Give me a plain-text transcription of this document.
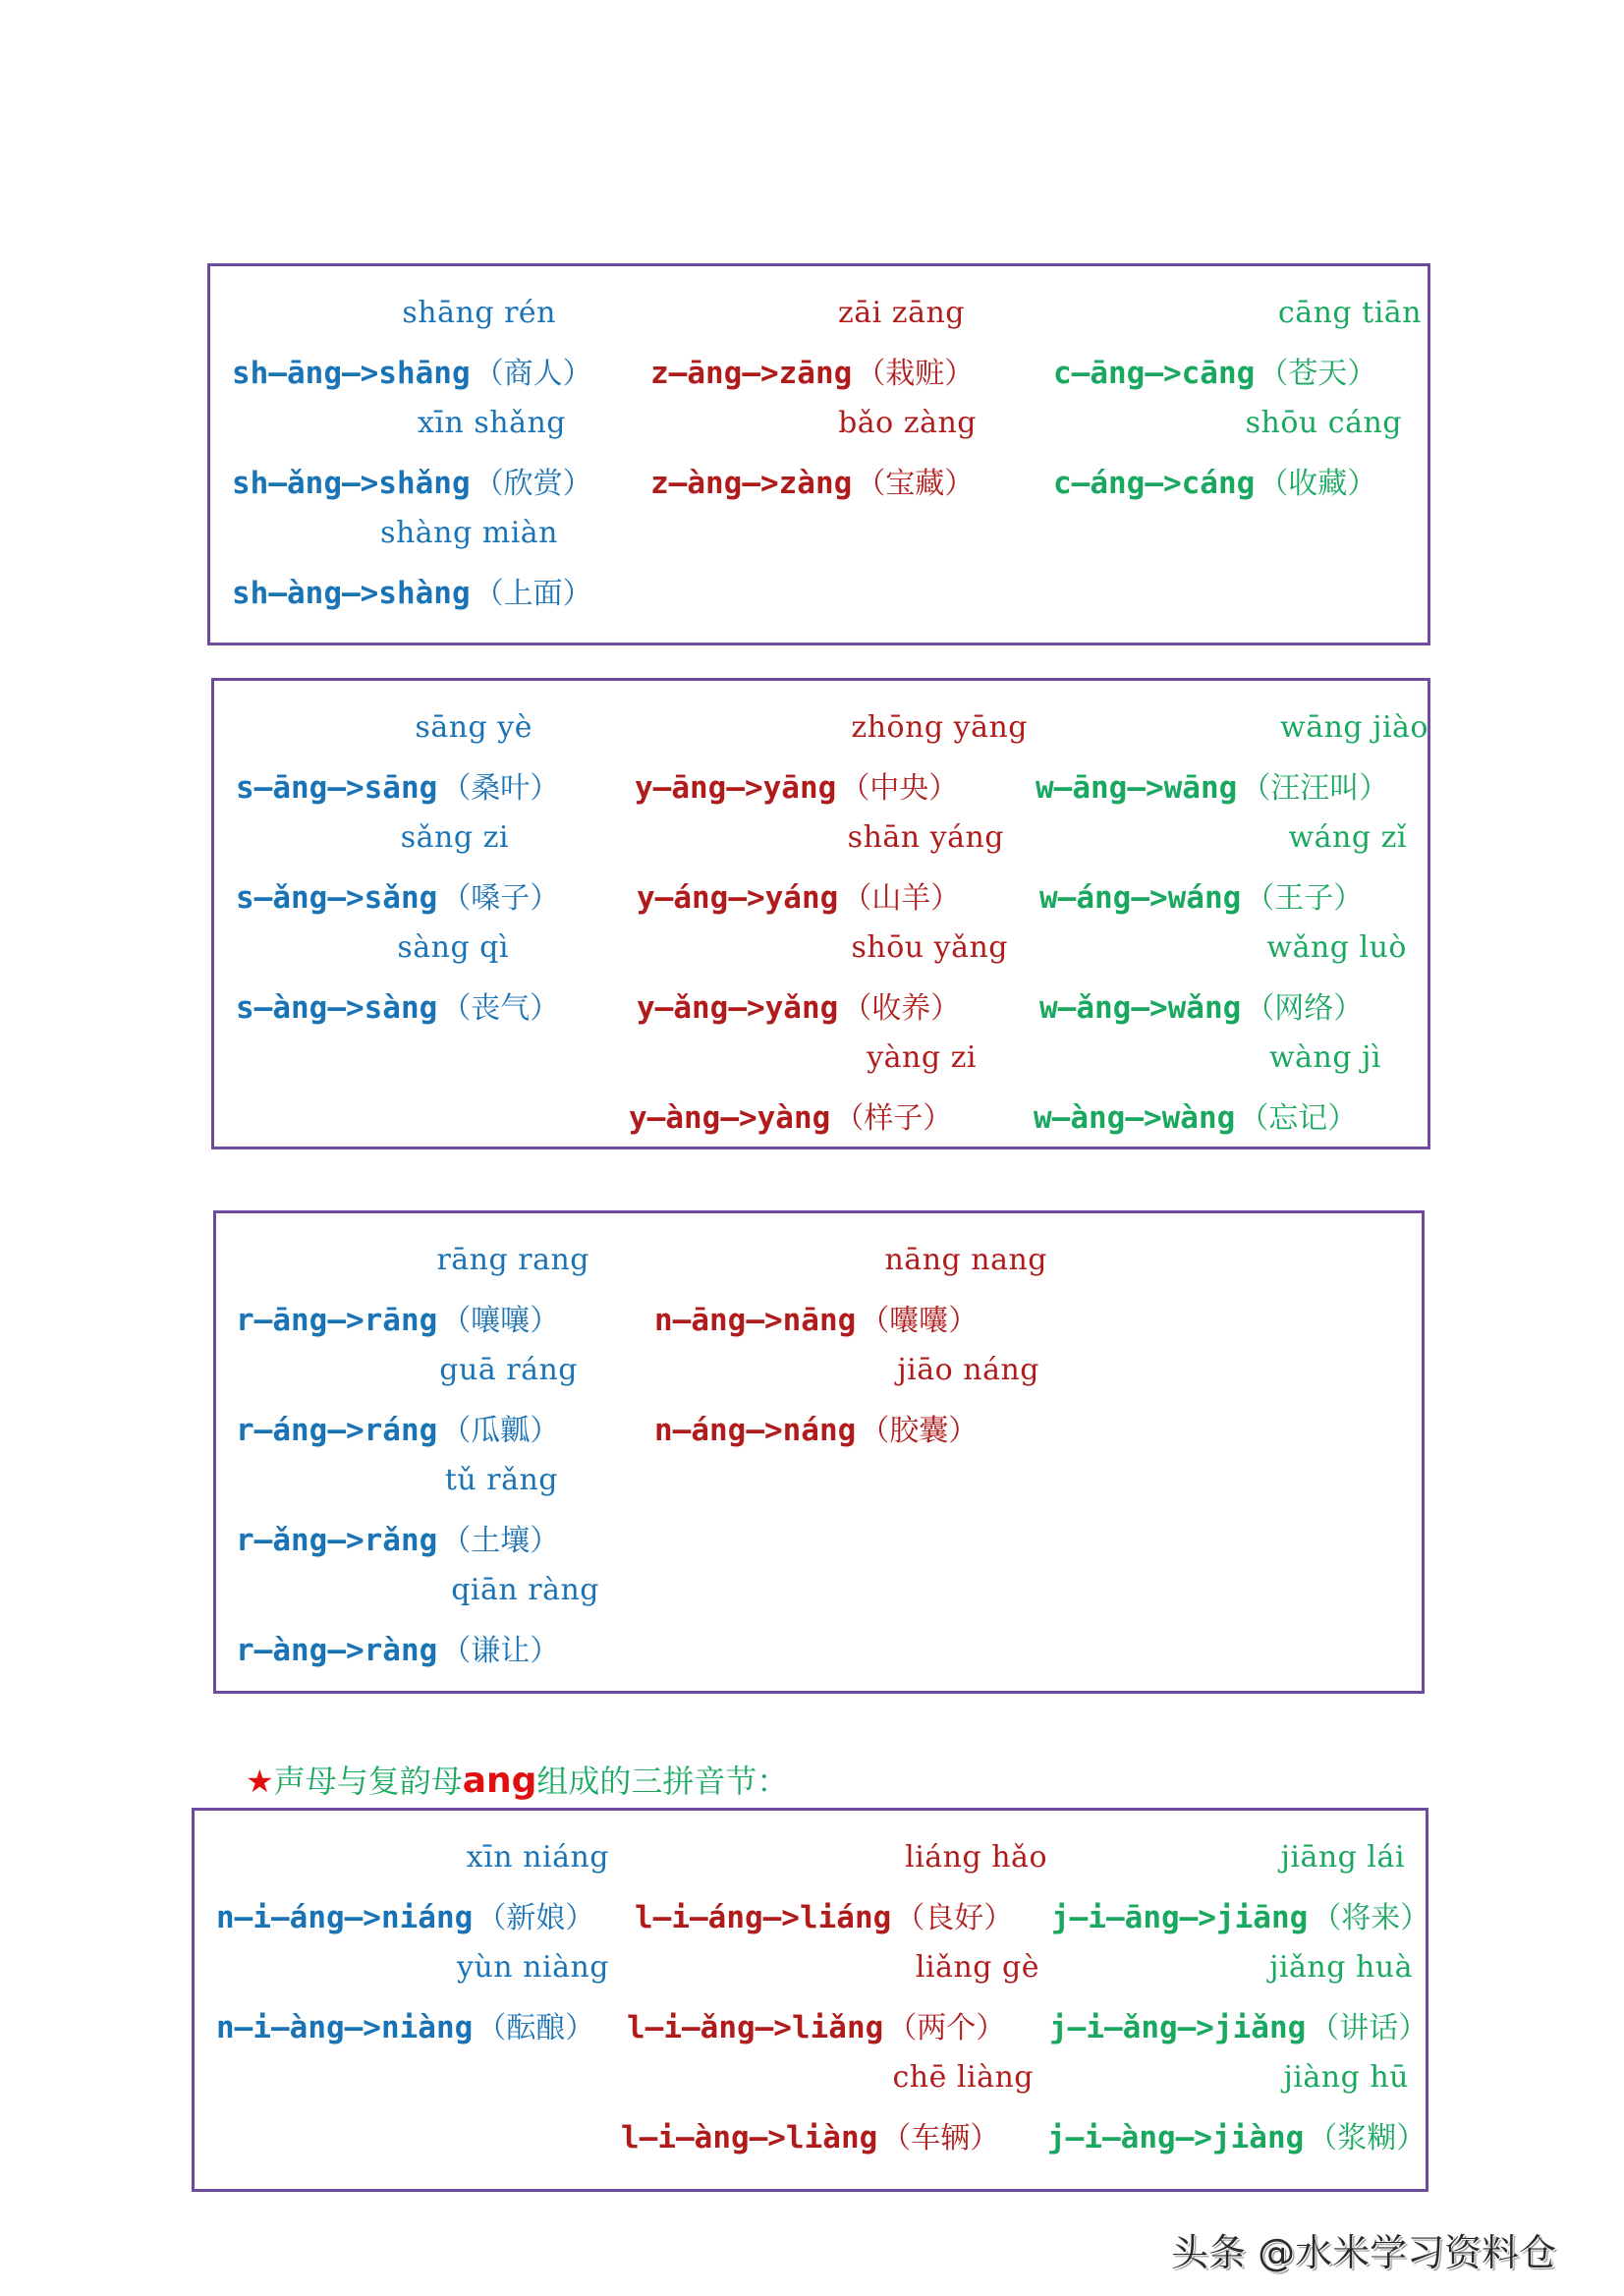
shāng rén
sh—āng—>shāng （商人）
xīn shǎng
sh—ǎng—>shǎng （欣赏）
shàng miàn
sh—àng—>shàng （上面）
zāi zāng
z—āng—>zāng （栽赃）
bǎo zàng
z—àng—>zàng （宝藏）
cāng tiān
c—āng—>cāng （苍天）
shōu cáng
c—áng—>cáng （收藏）
sāng yè
s—āng—>sāng （桑叶）
sǎng zi
s—ǎng—>sǎng （嗓子）
sàng qì
s—àng—>sàng （丧气）
zhōng yāng
y—āng—>yāng （中央）
shān yáng
y—áng—>yáng （山羊）
shōu yǎng
y—ǎng—>yǎng （收养）
yàng zi
y—àng—>yàng （样子）
wāng jiào
w—āng—>wāng （汪汪叫）
wáng zǐ
w—áng—>wáng （王子）
wǎng luò
w—ǎng—>wǎng （网络）
wàng jì
w—àng—>wàng （忘记）
rāng rang
r—āng—>rāng （嚷嚷）
guā ráng
r—áng—>ráng （瓜瓤）
tǔ rǎng
r—ǎng—>rǎng （土壤）
qiān ràng
r—àng—>ràng （谦让）
nāng nang
n—āng—>nāng （囔囔）
jiāo náng
n—áng—>náng （胶囊）
★声母与复韵母ang组成的三拼音节：
xīn niáng
n—i—áng—>niáng （新娘）
yùn niàng
n—i—àng—>niàng （酝酿）
liáng hǎo
l—i—áng—>liáng （良好）
liǎng gè
l—i—ǎng—>liǎng （两个）
chē liàng
l—i—àng—>liàng （车辆）
jiāng lái
j—i—āng—>jiāng （将来）
jiǎng huà
j—i—ǎng—>jiǎng （讲话）
jiàng hū
j—i—àng—>jiàng （浆糊）
头条 @水米学习资料仓
